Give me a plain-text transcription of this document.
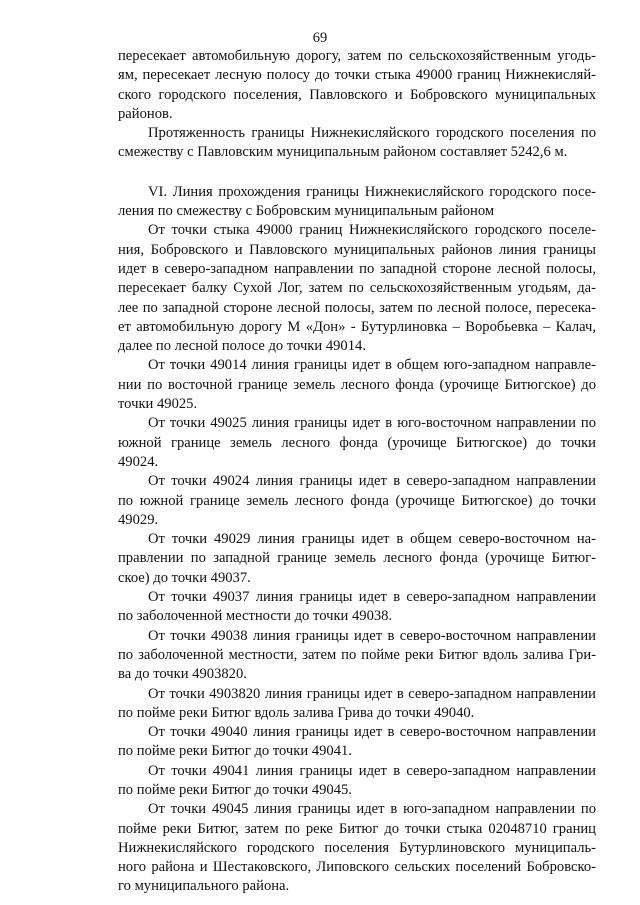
69
пересекает автомобильную дорогу, затем по сельскохозяйственным угодь-
ям, пересекает лесную полосу до точки стыка 49000 границ Нижнекисляй-
ского городского поселения, Павловского и Бобровского муниципальных
районов.
Протяженность границы Нижнекисляйского городского поселения по
смежеству с Павловским муниципальным районом составляет 5242,6 м.
VI. Линия прохождения границы Нижнекисляйского городского посе-
ления по смежеству с Бобровским муниципальным районом
От точки стыка 49000 границ Нижнекисляйского городского поселе-
ния, Бобровского и Павловского муниципальных районов линия границы
идет в северо-западном направлении по западной стороне лесной полосы,
пересекает балку Сухой Лог, затем по сельскохозяйственным угодьям, да-
лее по западной стороне лесной полосы, затем по лесной полосе, пересека-
ет автомобильную дорогу М «Дон» - Бутурлиновка – Воробьевка – Калач,
далее по лесной полосе до точки 49014.
От точки 49014 линия границы идет в общем юго-западном направле-
нии по восточной границе земель лесного фонда (урочище Битюгское) до
точки 49025.
От точки 49025 линия границы идет в юго-восточном направлении по
южной границе земель лесного фонда (урочище Битюгское) до точки
49024.
От точки 49024 линия границы идет в северо-западном направлении
по южной границе земель лесного фонда (урочище Битюгское) до точки
49029.
От точки 49029 линия границы идет в общем северо-восточном на-
правлении по западной границе земель лесного фонда (урочище Битюг-
ское) до точки 49037.
От точки 49037 линия границы идет в северо-западном направлении
по заболоченной местности до точки 49038.
От точки 49038 линия границы идет в северо-восточном направлении
по заболоченной местности, затем по пойме реки Битюг вдоль залива Гри-
ва до точки 4903820.
От точки 4903820 линия границы идет в северо-западном направлении
по пойме реки Битюг вдоль залива Грива до точки 49040.
От точки 49040 линия границы идет в северо-восточном направлении
по пойме реки Битюг до точки 49041.
От точки 49041 линия границы идет в северо-западном направлении
по пойме реки Битюг до точки 49045.
От точки 49045 линия границы идет в юго-западном направлении по
пойме реки Битюг, затем по реке Битюг до точки стыка 02048710 границ
Нижнекисляйского городского поселения Бутурлиновского муниципаль-
ного района и Шестаковского, Липовского сельских поселений Бобровско-
го муниципального района.
